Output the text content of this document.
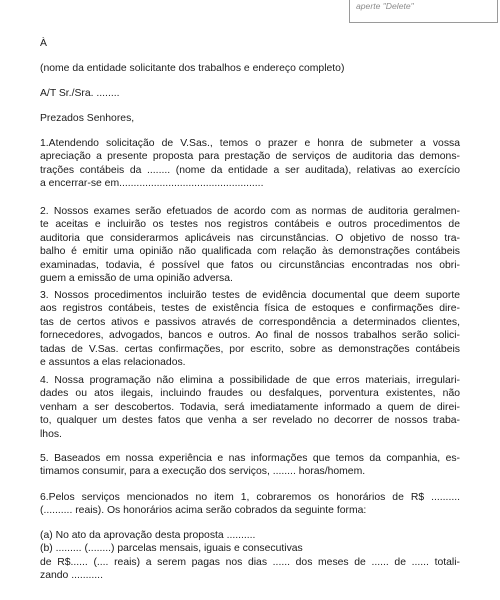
aperte "Delete"
À
(nome da entidade solicitante dos trabalhos e endereço completo)
A/T Sr./Sra. ........
Prezados Senhores,
1.Atendendo solicitação de V.Sas., temos o prazer e honra de submeter a vossa
apreciação a presente proposta para prestação de serviços de auditoria das demons-
trações contábeis da ........ (nome da entidade a ser auditada), relativas ao exercício
a encerrar-se em..................................................
2. Nossos exames serão efetuados de acordo com as normas de auditoria geralmen-
te aceitas e incluirão os testes nos registros contábeis e outros procedimentos de
auditoria que considerarmos aplicáveis nas circunstâncias. O objetivo de nosso tra-
balho é emitir uma opinião não qualificada com relação às demonstrações contábeis
examinadas, todavia, é possível que fatos ou circunstâncias encontradas nos obri-
guem a emissão de uma opinião adversa.
3. Nossos procedimentos incluirão testes de evidência documental que deem suporte
aos registros contábeis, testes de existência física de estoques e confirmações dire-
tas de certos ativos e passivos através de correspondência a determinados clientes,
fornecedores, advogados, bancos e outros. Ao final de nossos trabalhos serão solici-
tadas de V.Sas. certas confirmações, por escrito, sobre as demonstrações contábeis
e assuntos a elas relacionados.
4. Nossa programação não elimina a possibilidade de que erros materiais, irregulari-
dades ou atos ilegais, incluindo fraudes ou desfalques, porventura existentes, não
venham a ser descobertos. Todavia, será imediatamente informado a quem de direi-
to, qualquer um destes fatos que venha a ser revelado no decorrer de nossos traba-
lhos.
5. Baseados em nossa experiência e nas informações que temos da companhia, es-
timamos consumir, para a execução dos serviços, ........ horas/homem.
6.Pelos serviços mencionados no item 1, cobraremos os honorários de R$ ..........
(.......... reais). Os honorários acima serão cobrados da seguinte forma:
(a) No ato da aprovação desta proposta ..........
(b) ......... (........) parcelas mensais, iguais e consecutivas
de R$...... (.... reais) a serem pagas nos dias ...... dos meses de ...... de ...... totali-
zando ...........
